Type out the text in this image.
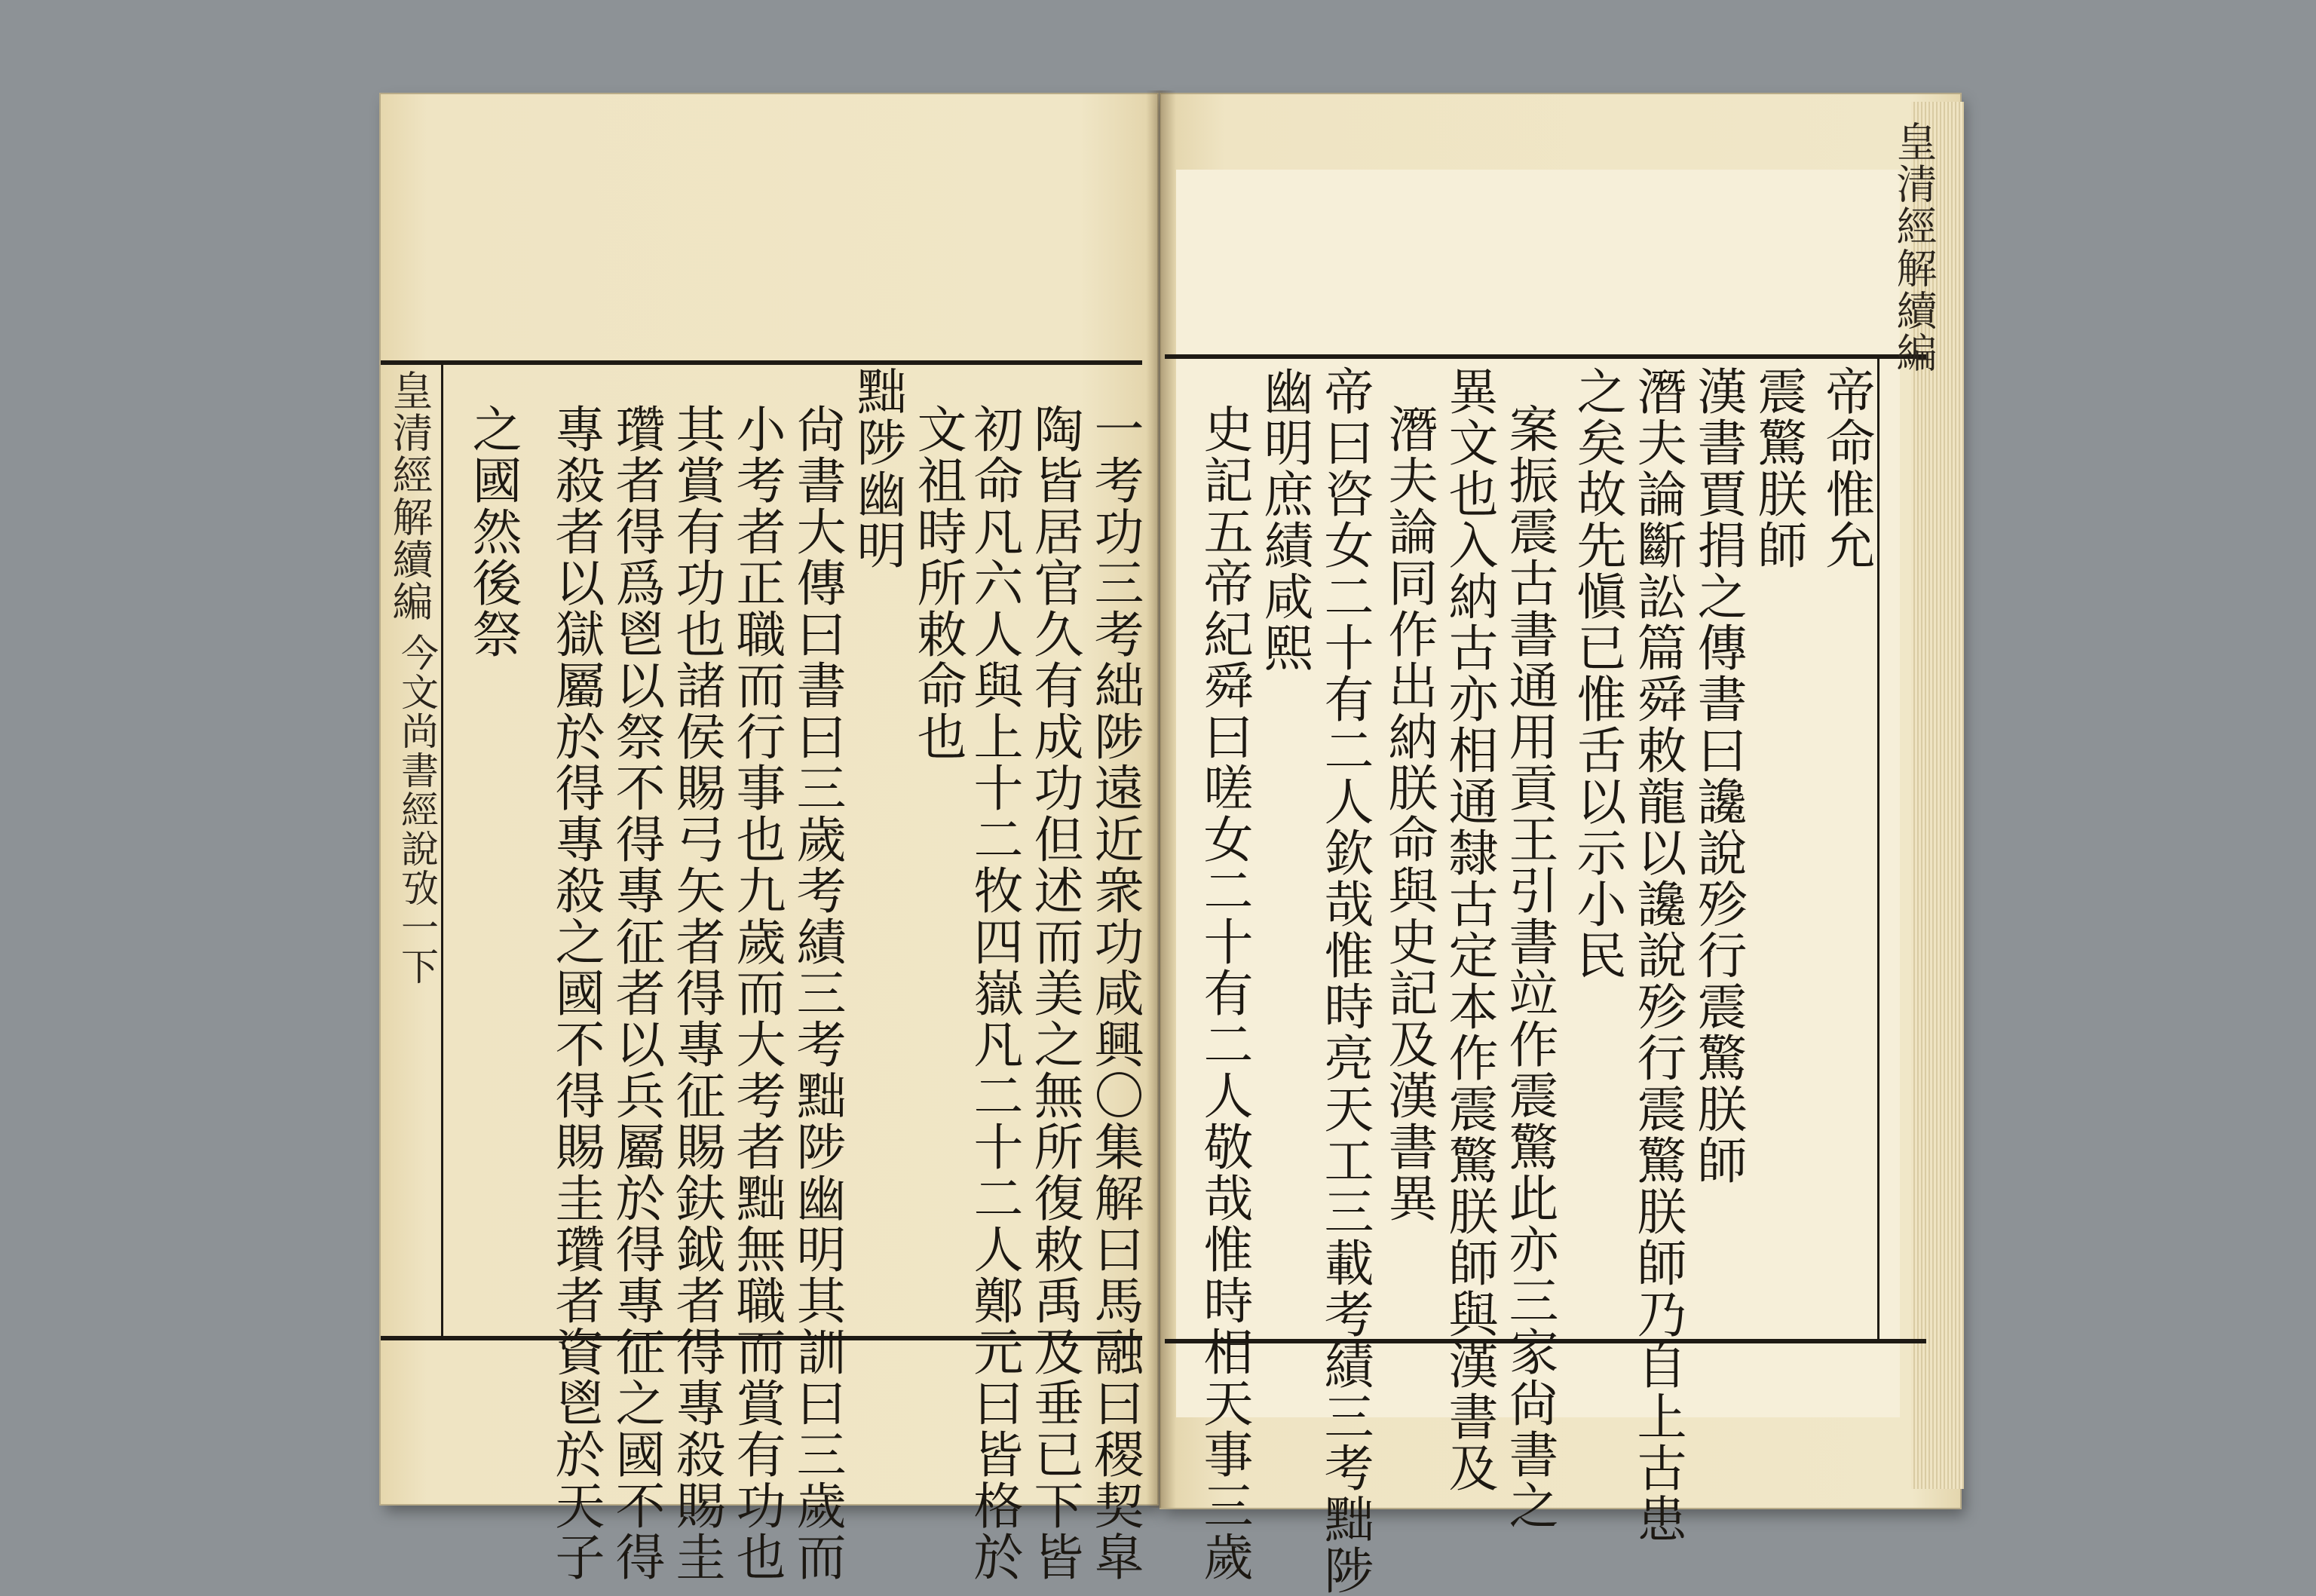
皇清經解續編
今文尚書經說攷一下	一考功三考絀陟遠近衆功咸興〇集解曰馬融曰稷契皐
陶皆居官久有成功但述而美之無所復敕禹及垂已下皆
初命凡六人與上十二牧四嶽凡二十二人鄭元曰皆格於
文祖時所敕命也
黜陟幽明
尙書大傳曰書曰三歲考績三考黜陟幽明其訓曰三歲而
小考者正職而行事也九歲而大考者黜無職而賞有功也
其賞有功也諸侯賜弓矢者得專征賜鈇鉞者得專殺賜圭
瓚者得爲鬯以祭不得專征者以兵屬於得專征之國不得
專殺者以獄屬於得專殺之國不得賜圭瓚者資鬯於天子
之國然後祭
皇清經解續編
帝命惟允
震驚朕師
漢書賈捐之傳書曰讒說殄行震驚朕師
潛夫論斷訟篇舜敕龍以讒說殄行震驚朕師乃自上古患
之矣故先愼已惟舌以示小民
案振震古書通用貢王引書竝作震驚此亦三家尙書之
異文也入納古亦相通隸古定本作震驚朕師與漢書及
潛夫論同作出納朕命與史記及漢書異
帝曰咨女二十有二人欽哉惟時亮天工三載考績三考黜陟
幽明庶績咸熙
史記五帝紀舜曰嗟女二十有二人敬哉惟時相天事三歲
